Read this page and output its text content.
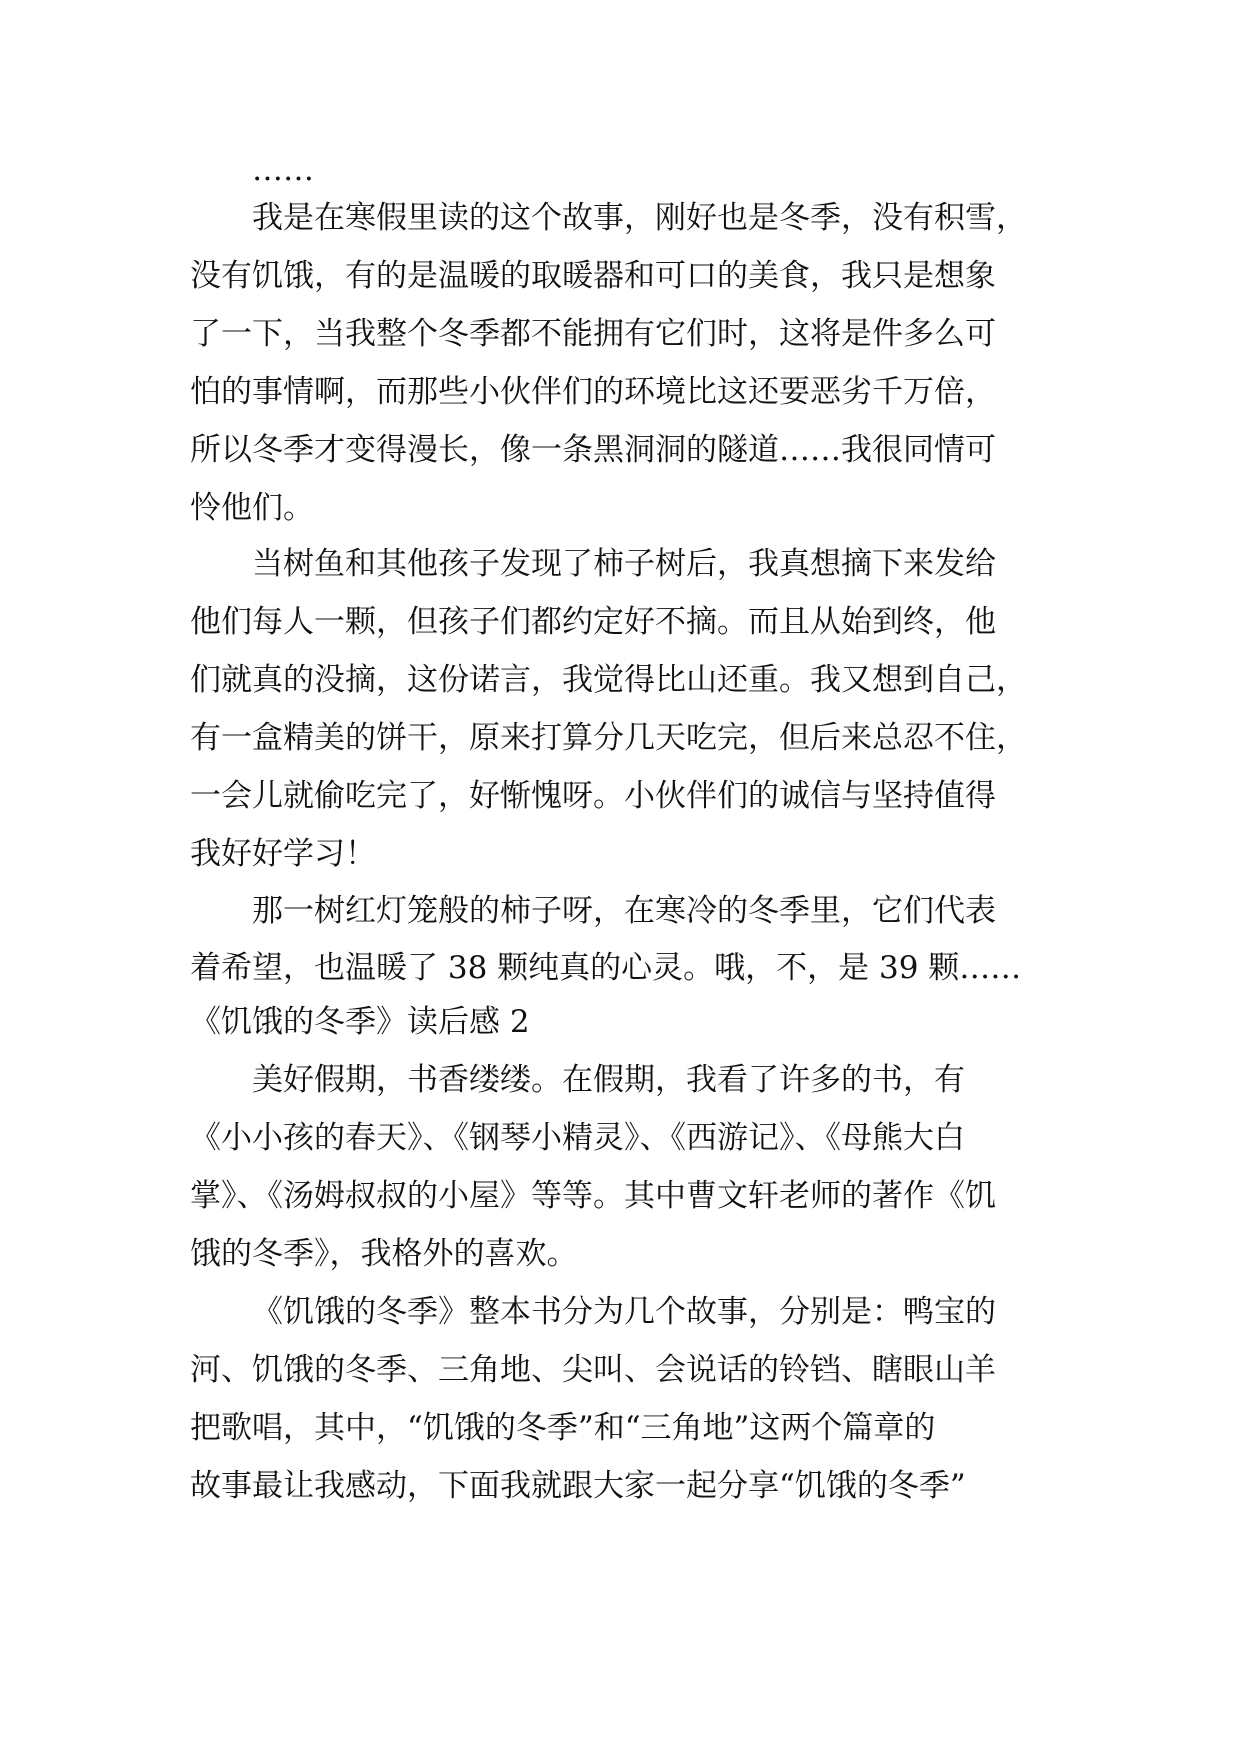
……
我是在寒假里读的这个故事，刚好也是冬季，没有积雪，
没有饥饿，有的是温暖的取暖器和可口的美食，我只是想象
了一下，当我整个冬季都不能拥有它们时，这将是件多么可
怕的事情啊，而那些小伙伴们的环境比这还要恶劣千万倍，
所以冬季才变得漫长，像一条黑洞洞的隧道……我很同情可
怜他们。
当树鱼和其他孩子发现了柿子树后，我真想摘下来发给
他们每人一颗，但孩子们都约定好不摘。而且从始到终，他
们就真的没摘，这份诺言，我觉得比山还重。我又想到自己，
有一盒精美的饼干，原来打算分几天吃完，但后来总忍不住，
一会儿就偷吃完了，好惭愧呀。小伙伴们的诚信与坚持值得
我好好学习！
那一树红灯笼般的柿子呀，在寒冷的冬季里，它们代表
着希望，也温暖了 38 颗纯真的心灵。哦，不，是 39 颗……
《饥饿的冬季》读后感 2
美好假期，书香缕缕。在假期，我看了许多的书，有
《小小孩的春天》、《钢琴小精灵》、《西游记》、《母熊大白
掌》、《汤姆叔叔的小屋》等等。其中曹文轩老师的著作《饥
饿的冬季》，我格外的喜欢。
《饥饿的冬季》整本书分为几个故事，分别是：鸭宝的
河、饥饿的冬季、三角地、尖叫、会说话的铃铛、瞎眼山羊
把歌唱，其中，“饥饿的冬季”和“三角地”这两个篇章的
故事最让我感动，下面我就跟大家一起分享“饥饿的冬季”
